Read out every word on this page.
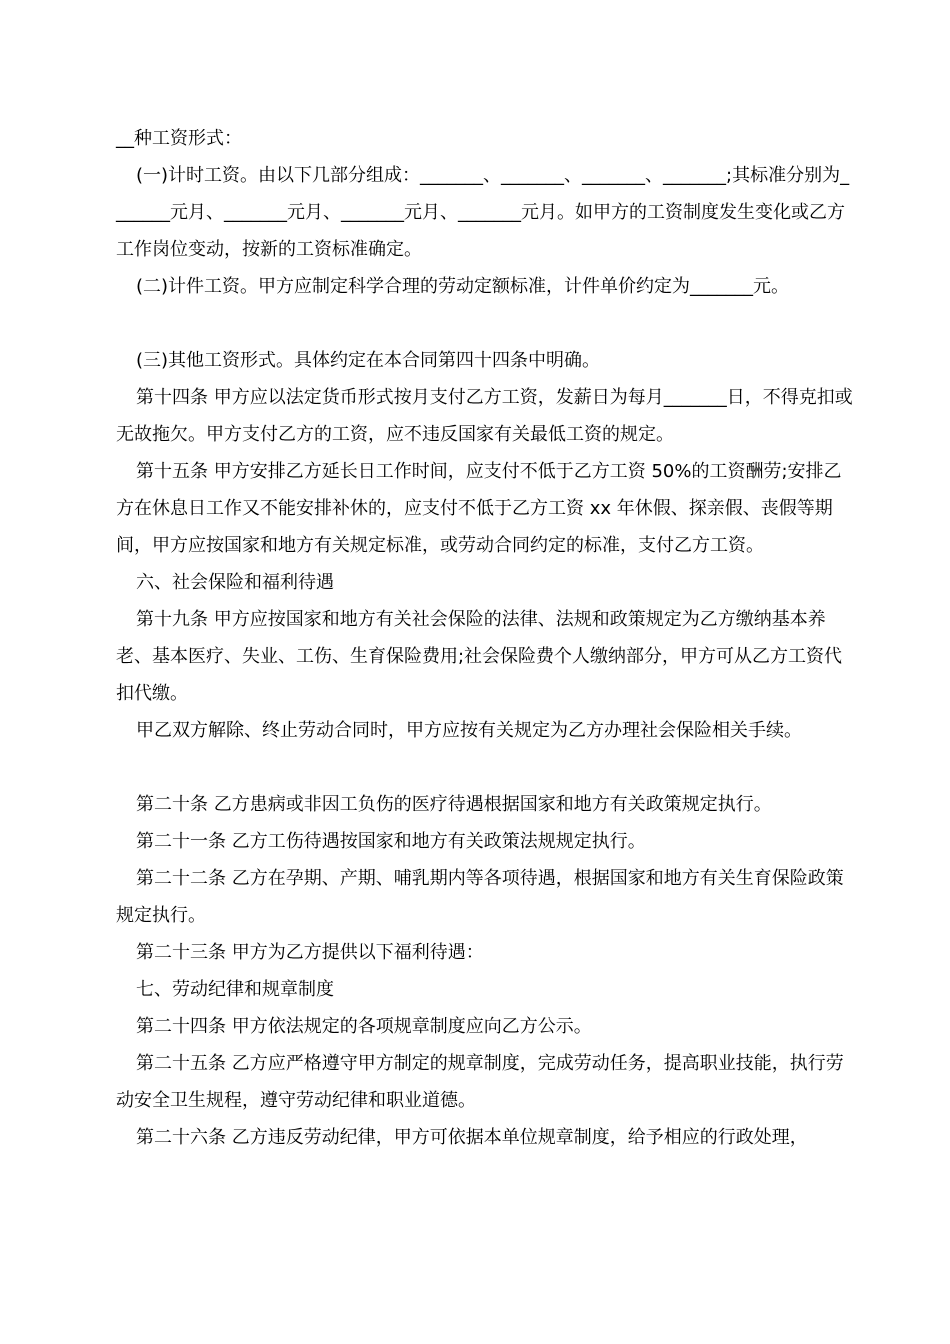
__种工资形式：

(一)计时工资。由以下几部分组成：_______、_______、_______、_______;其标准分别为_______元月、_______元月、_______元月、_______元月。如甲方的工资制度发生变化或乙方工作岗位变动，按新的工资标准确定。

(二)计件工资。甲方应制定科学合理的劳动定额标准，计件单价约定为_______元。

(三)其他工资形式。具体约定在本合同第四十四条中明确。

第十四条 甲方应以法定货币形式按月支付乙方工资，发薪日为每月_______日，不得克扣或无故拖欠。甲方支付乙方的工资，应不违反国家有关最低工资的规定。

第十五条 甲方安排乙方延长日工作时间，应支付不低于乙方工资 50%的工资酬劳;安排乙方在休息日工作又不能安排补休的，应支付不低于乙方工资 xx 年休假、探亲假、丧假等期间，甲方应按国家和地方有关规定标准，或劳动合同约定的标准，支付乙方工资。

六、社会保险和福利待遇

第十九条 甲方应按国家和地方有关社会保险的法律、法规和政策规定为乙方缴纳基本养老、基本医疗、失业、工伤、生育保险费用;社会保险费个人缴纳部分，甲方可从乙方工资代扣代缴。

甲乙双方解除、终止劳动合同时，甲方应按有关规定为乙方办理社会保险相关手续。

第二十条 乙方患病或非因工负伤的医疗待遇根据国家和地方有关政策规定执行。

第二十一条 乙方工伤待遇按国家和地方有关政策法规规定执行。

第二十二条 乙方在孕期、产期、哺乳期内等各项待遇，根据国家和地方有关生育保险政策规定执行。

第二十三条 甲方为乙方提供以下福利待遇：

七、劳动纪律和规章制度

第二十四条 甲方依法规定的各项规章制度应向乙方公示。

第二十五条 乙方应严格遵守甲方制定的规章制度，完成劳动任务，提高职业技能，执行劳动安全卫生规程，遵守劳动纪律和职业道德。

第二十六条 乙方违反劳动纪律，甲方可依据本单位规章制度，给予相应的行政处理，
